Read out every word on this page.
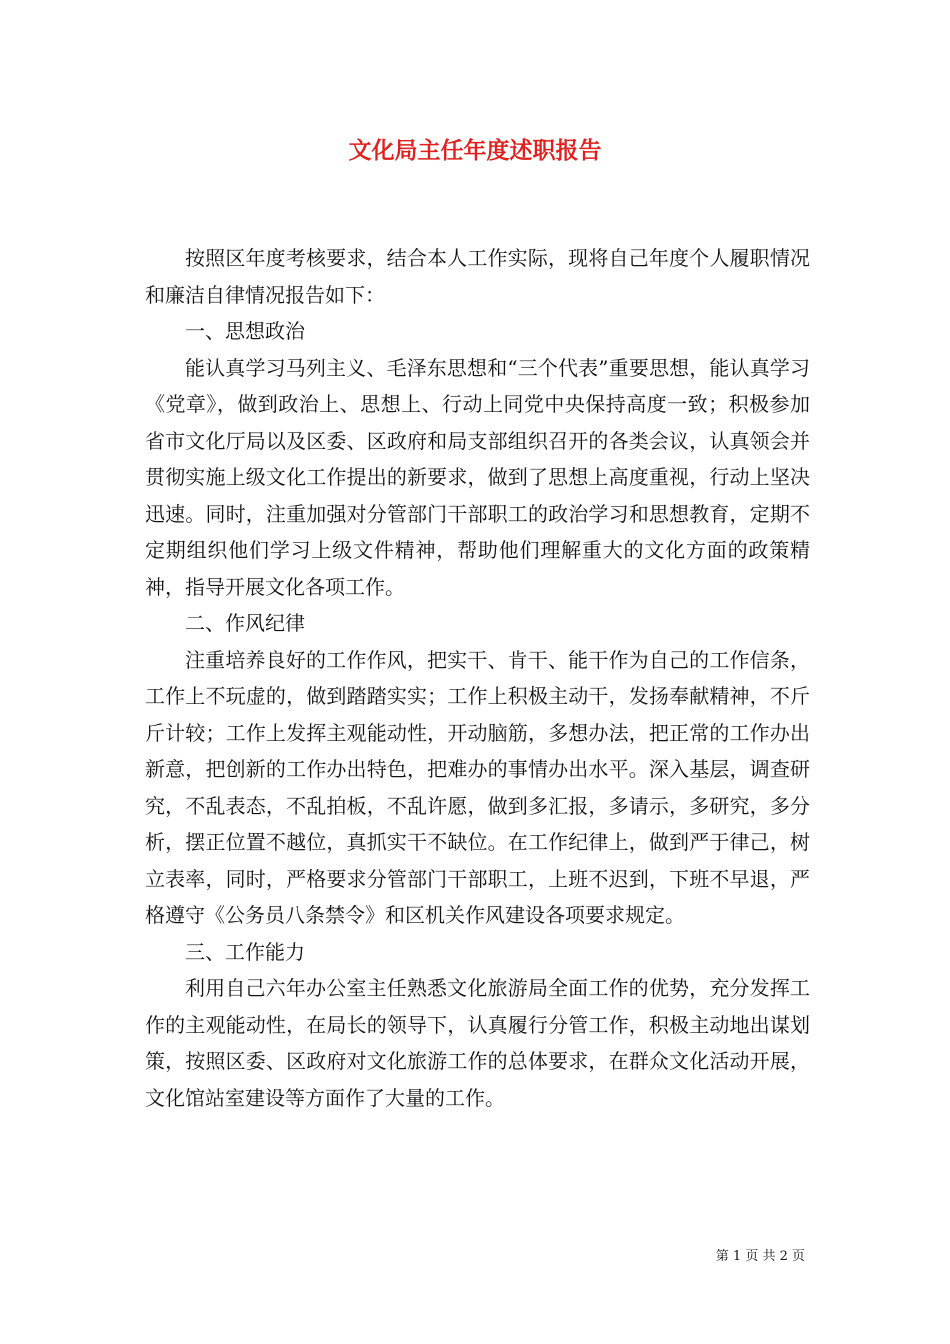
文化局主任年度述职报告

按照区年度考核要求，结合本人工作实际，现将自己年度个人履职情况和廉洁自律情况报告如下：

一、思想政治

能认真学习马列主义、毛泽东思想和“三个代表”重要思想，能认真学习《党章》，做到政治上、思想上、行动上同党中央保持高度一致；积极参加省市文化厅局以及区委、区政府和局支部组织召开的各类会议，认真领会并贯彻实施上级文化工作提出的新要求，做到了思想上高度重视，行动上坚决迅速。同时，注重加强对分管部门干部职工的政治学习和思想教育，定期不定期组织他们学习上级文件精神，帮助他们理解重大的文化方面的政策精神，指导开展文化各项工作。

二、作风纪律

注重培养良好的工作作风，把实干、肯干、能干作为自己的工作信条，工作上不玩虚的，做到踏踏实实；工作上积极主动干，发扬奉献精神，不斤斤计较；工作上发挥主观能动性，开动脑筋，多想办法，把正常的工作办出新意，把创新的工作办出特色，把难办的事情办出水平。深入基层，调查研究，不乱表态，不乱拍板，不乱许愿，做到多汇报，多请示，多研究，多分析，摆正位置不越位，真抓实干不缺位。在工作纪律上，做到严于律己，树立表率，同时，严格要求分管部门干部职工，上班不迟到，下班不早退，严格遵守《公务员八条禁令》和区机关作风建设各项要求规定。

三、工作能力

利用自己六年办公室主任熟悉文化旅游局全面工作的优势，充分发挥工作的主观能动性，在局长的领导下，认真履行分管工作，积极主动地出谋划策，按照区委、区政府对文化旅游工作的总体要求，在群众文化活动开展，文化馆站室建设等方面作了大量的工作。

第 1 页 共 2 页
